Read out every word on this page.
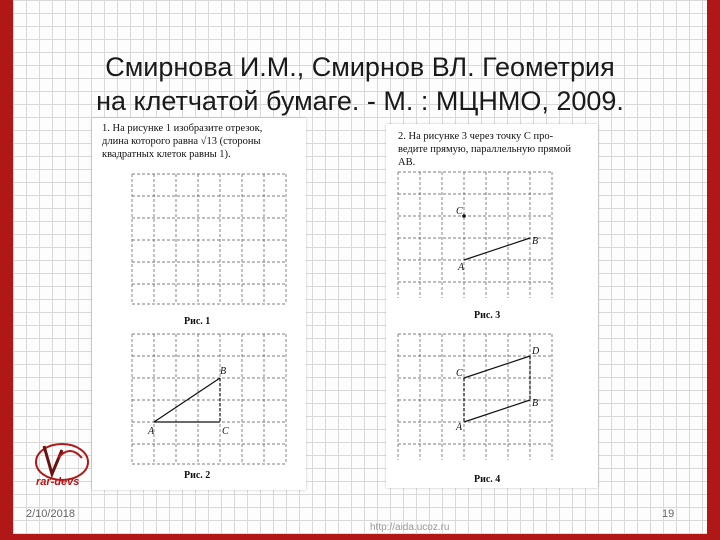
Смирнова И.М., Смирнов ВЛ. Геометрия
на клетчатой бумаге. - М. : МЦНМО, 2009.
1. На рисунке 1 изобразите отрезок,
длина которого равна √13 (стороны
квадратных клеток равны 1).
Рис. 1
A
B
C
Рис. 2
2. На рисунке 3 через точку C про-
ведите прямую, параллельную прямой
AB.
C
B
A
Рис. 3
D
C
B
A
Рис. 4
rar-devs
2/10/2018	19
http://aida.ucoz.ru
